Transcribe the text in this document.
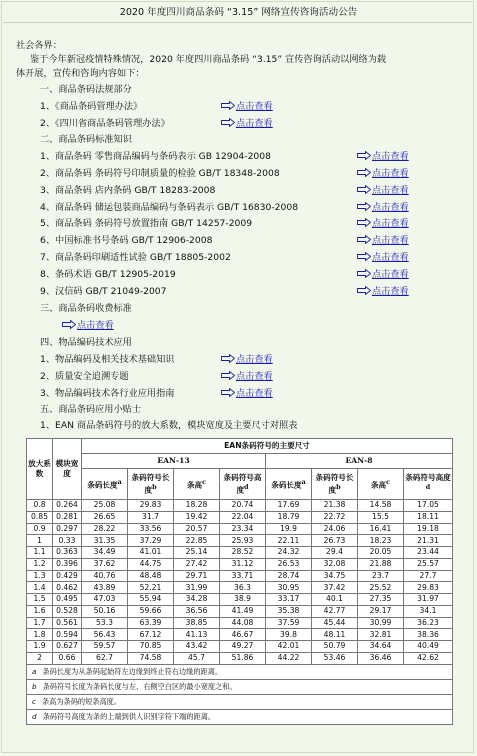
2020 年度四川商品条码 “3.15” 网络宣传咨询活动公告
社会各界：
鉴于今年新冠疫情特殊情况，2020 年度四川商品条码 “3.15” 宣传咨询活动以网络为载
体开展，宣传和咨询内容如下：
一、商品条码法规部分
1、《商品条码管理办法》
2、《四川省商品条码管理办法》
二、商品条码标准知识
1、商品条码 零售商品编码与条码表示 GB 12904-2008
2、商品条码 条码符号印制质量的检验 GB/T 18348-2008
3、商品条码 店内条码 GB/T 18283-2008
4、商品条码 储运包装商品编码与条码表示 GB/T 16830-2008
5、商品条码 条码符号放置指南 GB/T 14257-2009
6、中国标准书号条码 GB/T 12906-2008
7、商品条码印刷适性试验 GB/T 18805-2002
8、条码术语 GB/T 12905-2019
9、汉信码 GB/T 21049-2007
三、商品条码收费标准
四、物品编码技术应用
1、物品编码及相关技术基础知识
2、质量安全追溯专题
3、物品编码技术各行业应用指南
五、商品条码应用小贴士
1、EAN 商品条码符号的放大系数，模块宽度及主要尺寸对照表
点击查看
点击查看
点击查看
点击查看
点击查看
点击查看
点击查看
点击查看
点击查看
点击查看
点击查看
点击查看
点击查看
点击查看
点击查看
放大系数	模块宽度	EAN条码符号的主要尺寸							
		EAN-13				EAN-8			
		条码长度$^a$	条码符号长度$^b$	条高$^c$	条码符号高度$^d$	条码长度$^a$	条码符号长度$^b$	条高$^c$	条码符号高度$^d$
0.8	0.264	25.08	29.83	18.28	20.74	17.69	21.38	14.58	17.05
0.85	0.281	26.65	31.7	19.42	22.04	18.79	22.72	15.5	18.11
0.9	0.297	28.22	33.56	20.57	23.34	19.9	24.06	16.41	19.18
1	0.33	31.35	37.29	22.85	25.93	22.11	26.73	18.23	21.31
1.1	0.363	34.49	41.01	25.14	28.52	24.32	29.4	20.05	23.44
1.2	0.396	37.62	44.75	27.42	31.12	26.53	32.08	21.88	25.57
1.3	0.429	40.76	48.48	29.71	33.71	28.74	34.75	23.7	27.7
1.4	0.462	43.89	52.21	31.99	36.3	30.95	37.42	25.52	29.83
1.5	0.495	47.03	55.94	34.28	38.9	33.17	40.1	27.35	31.97
1.6	0.528	50.16	59.66	36.56	41.49	35.38	42.77	29.17	34.1
1.7	0.561	53.3	63.39	38.85	44.08	37.59	45.44	30.99	36.23
1.8	0.594	56.43	67.12	41.13	46.67	39.8	48.11	32.81	38.36
1.9	0.627	59.57	70.85	43.42	49.27	42.01	50.79	34.64	40.49
2	0.66	62.7	74.58	45.7	51.86	44.22	53.46	36.46	42.62
a 条码长度为从条码起始符左边缘到终止符右边缘的距离。									
b 条码符号长度为条码长度与左、右侧空白区的最小宽度之和。									
c 条高为条码的短条高度。									
d 条码符号高度为条的上端到供人识别字符下端的距离。									
